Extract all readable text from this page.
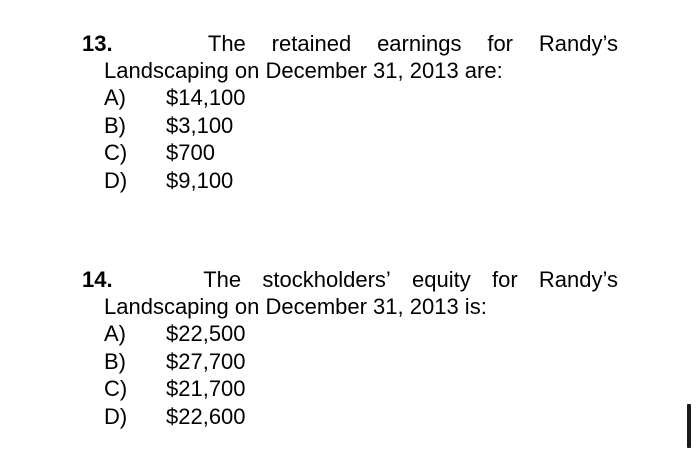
13.	The retained earnings for Randy’s
Landscaping on December 31, 2013 are:
A)	$14,100
B)	$3,100
C)	$700
D)	$9,100
14.	The stockholders’ equity for Randy’s
Landscaping on December 31, 2013 is:
A)	$22,500
B)	$27,700
C)	$21,700
D)	$22,600
